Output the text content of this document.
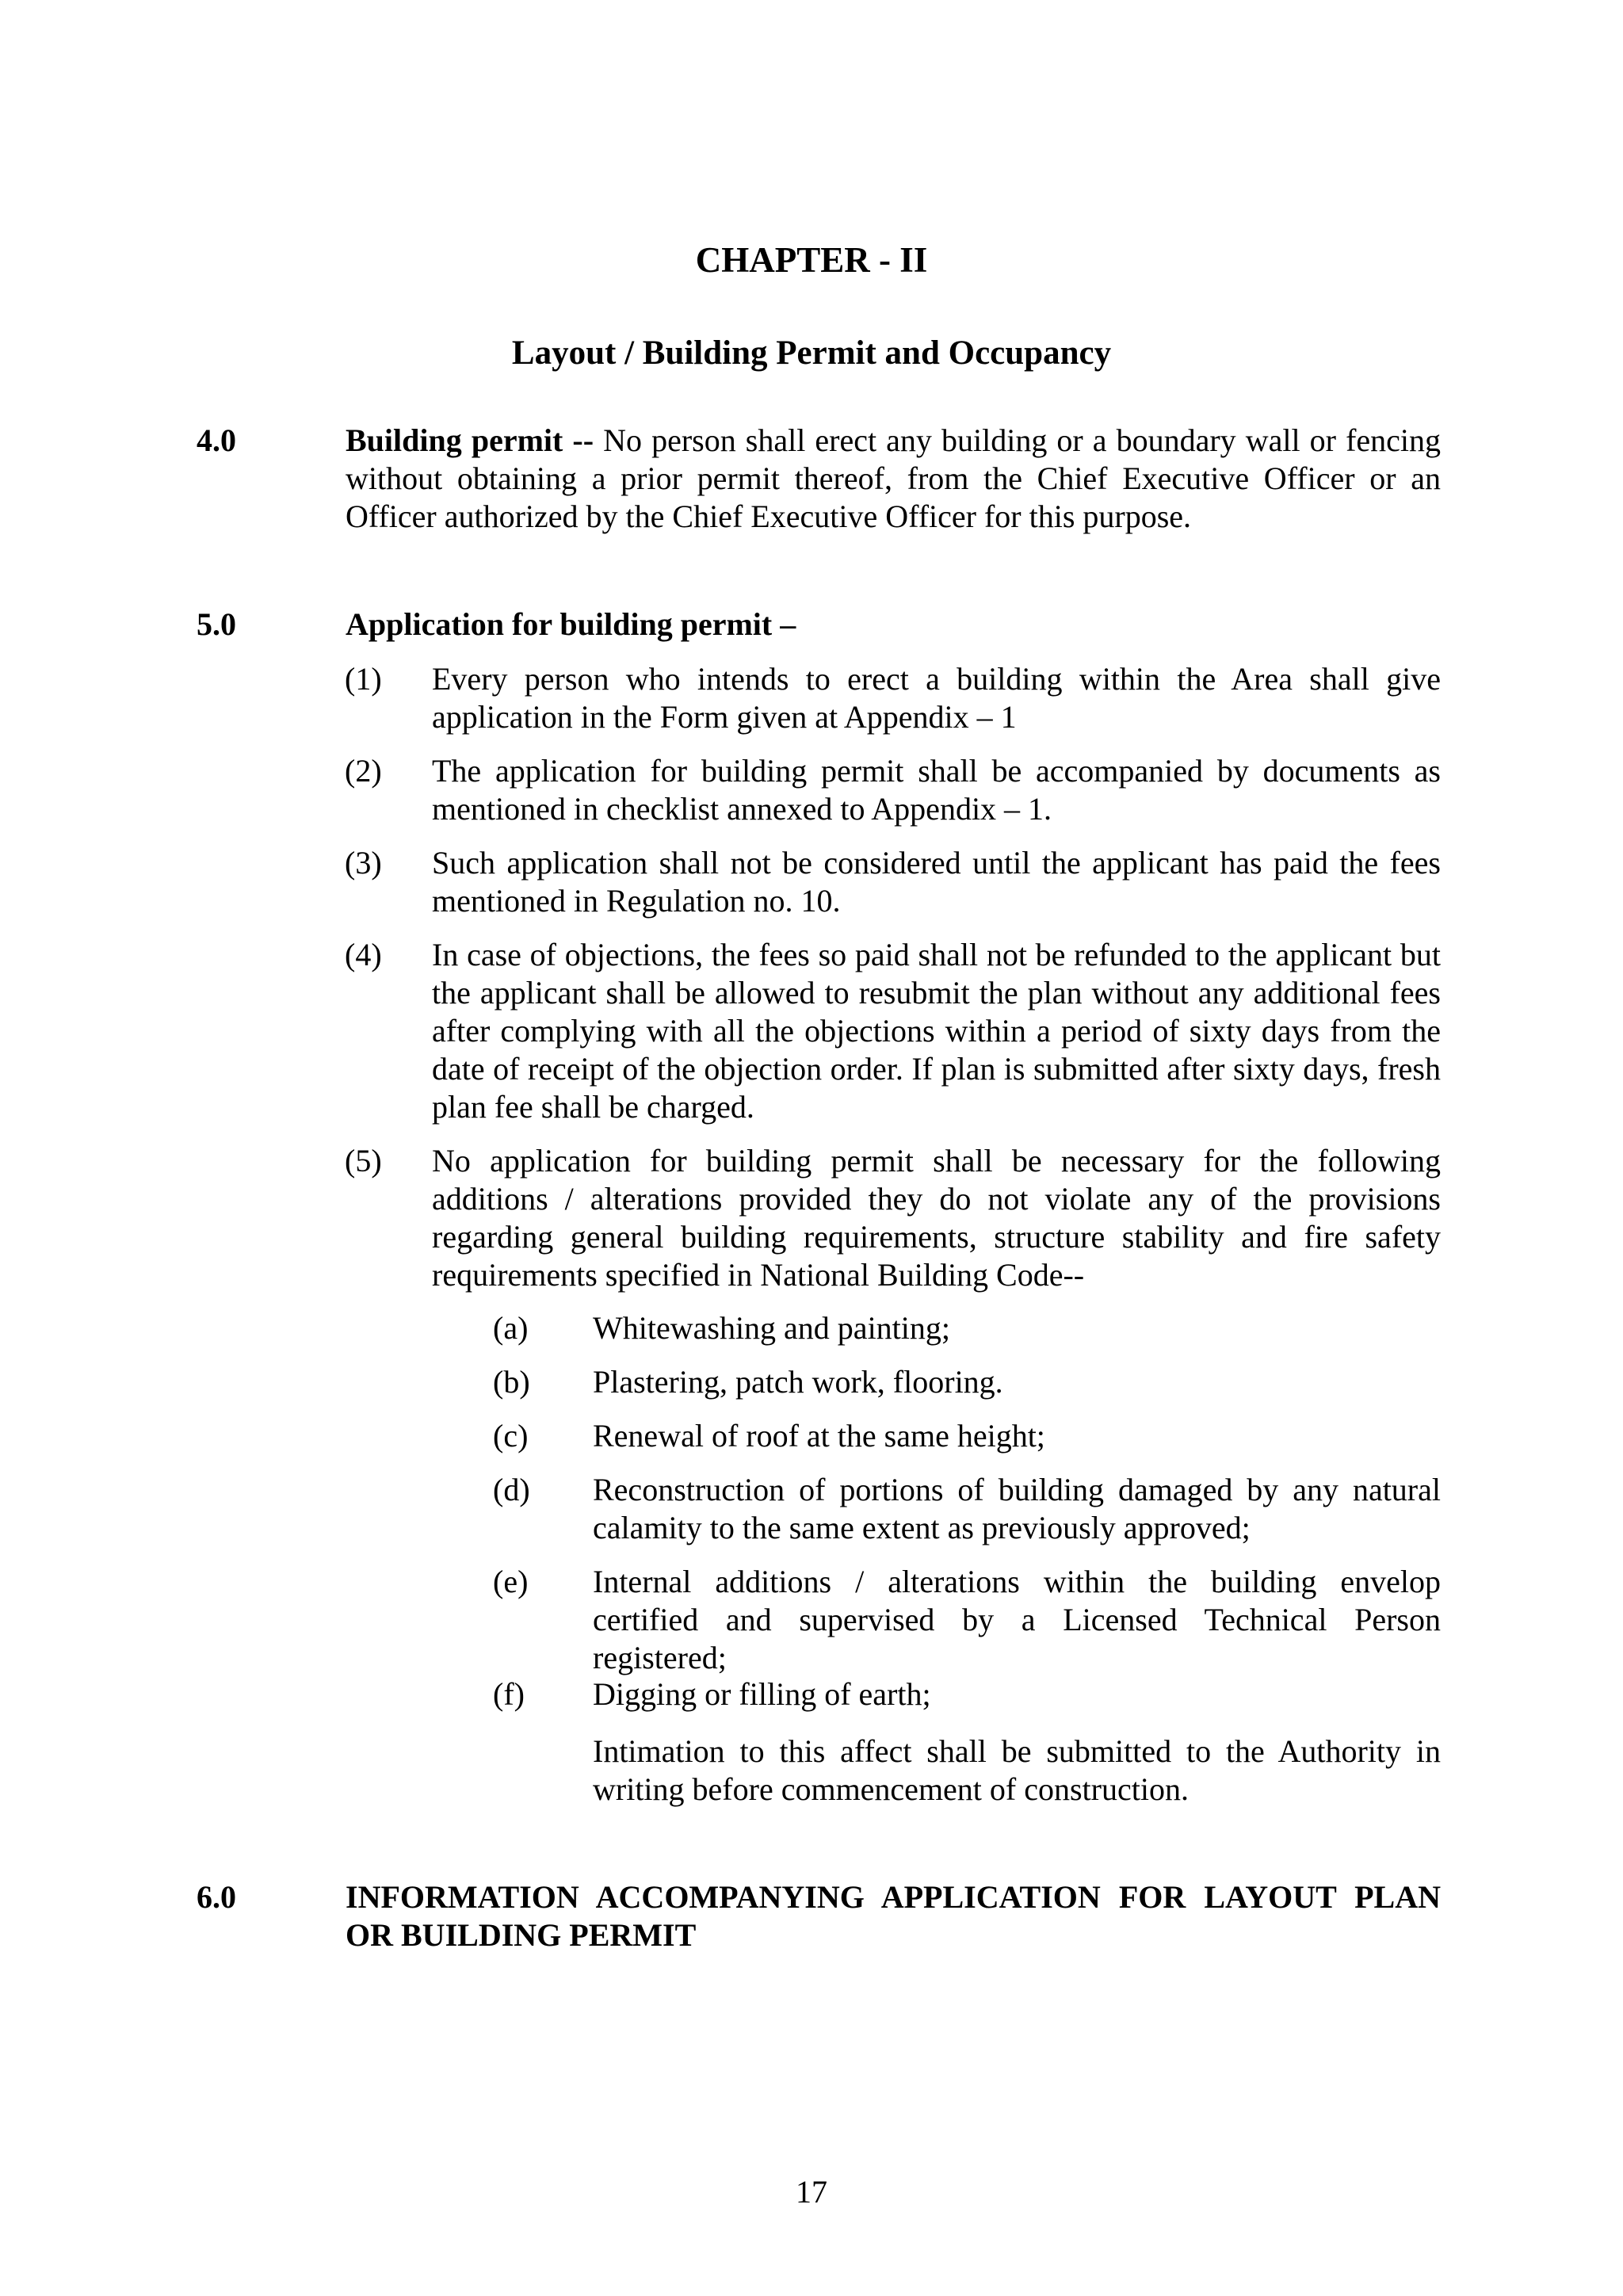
CHAPTER - II
Layout / Building Permit and Occupancy
4.0	Building permit -- No person shall erect any building or a boundary wall or fencing without obtaining a prior permit thereof, from the Chief Executive Officer or an Officer authorized by the Chief Executive Officer for this purpose.
5.0	Application for building permit –
(1) Every person who intends to erect a building within the Area shall give application in the Form given at Appendix – 1
(2) The application for building permit shall be accompanied by documents as mentioned in checklist annexed to Appendix – 1.
(3) Such application shall not be considered until the applicant has paid the fees mentioned in Regulation no. 10.
(4) In case of objections, the fees so paid shall not be refunded to the applicant but the applicant shall be allowed to resubmit the plan without any additional fees after complying with all the objections within a period of sixty days from the date of receipt of the objection order. If plan is submitted after sixty days, fresh plan fee shall be charged.
(5) No application for building permit shall be necessary for the following additions / alterations provided they do not violate any of the provisions regarding general building requirements, structure stability and fire safety requirements specified in National Building Code--
(a) Whitewashing and painting;
(b) Plastering, patch work, flooring.
(c) Renewal of roof at the same height;
(d) Reconstruction of portions of building damaged by any natural calamity to the same extent as previously approved;
(e) Internal additions / alterations within the building envelop certified and supervised by a Licensed Technical Person registered;
(f) Digging or filling of earth;
Intimation to this affect shall be submitted to the Authority in writing before commencement of construction.
6.0	INFORMATION ACCOMPANYING APPLICATION FOR LAYOUT PLAN OR BUILDING PERMIT
17
